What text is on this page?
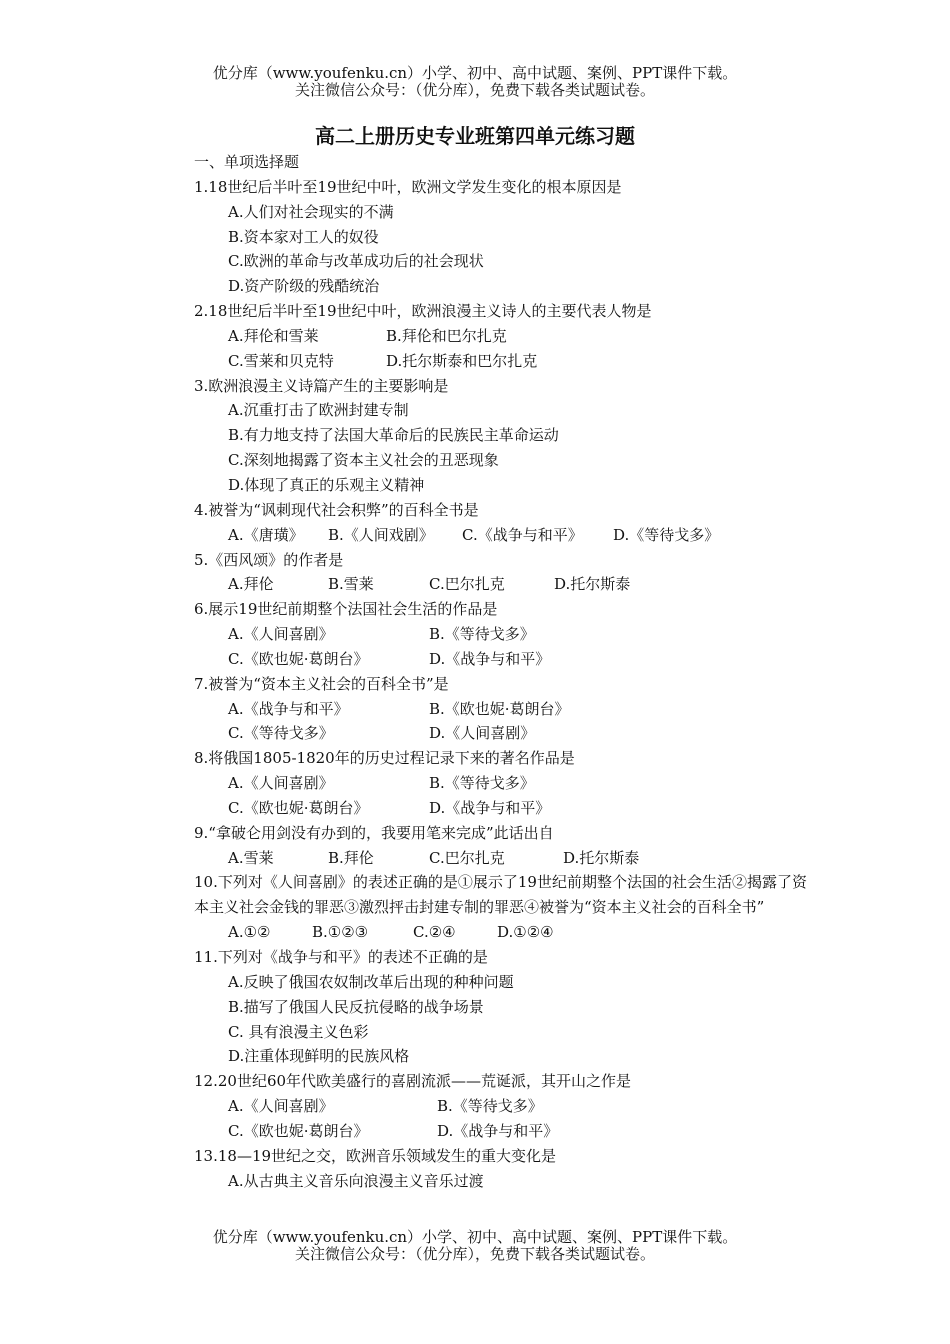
优分库（www.youfenku.cn）小学、初中、高中试题、案例、PPT课件下载。
关注微信公众号：（优分库），免费下载各类试题试卷。
高二上册历史专业班第四单元练习题
一、单项选择题
1.18世纪后半叶至19世纪中叶，欧洲文学发生变化的根本原因是
A.人们对社会现实的不满
B.资本家对工人的奴役
C.欧洲的革命与改革成功后的社会现状
D.资产阶级的残酷统治
2.18世纪后半叶至19世纪中叶，欧洲浪漫主义诗人的主要代表人物是
A.拜伦和雪莱	B.拜伦和巴尔扎克
C.雪莱和贝克特	D.托尔斯泰和巴尔扎克
3.欧洲浪漫主义诗篇产生的主要影响是
A.沉重打击了欧洲封建专制
B.有力地支持了法国大革命后的民族民主革命运动
C.深刻地揭露了资本主义社会的丑恶现象
D.体现了真正的乐观主义精神
4.被誉为“讽刺现代社会积弊”的百科全书是
A.《唐璜》 B.《人间戏剧》 C.《战争与和平》 D.《等待戈多》
5.《西风颂》的作者是
A.拜伦	B.雪莱	C.巴尔扎克	D.托尔斯泰
6.展示19世纪前期整个法国社会生活的作品是
A.《人间喜剧》	B.《等待戈多》
C.《欧也妮·葛朗台》	D.《战争与和平》
7.被誉为“资本主义社会的百科全书”是
A.《战争与和平》	B.《欧也妮·葛朗台》
C.《等待戈多》	D.《人间喜剧》
8.将俄国1805-1820年的历史过程记录下来的著名作品是
A.《人间喜剧》	B.《等待戈多》
C.《欧也妮·葛朗台》	D.《战争与和平》
9.“拿破仑用剑没有办到的，我要用笔来完成”此话出自
A.雪莱	B.拜伦	C.巴尔扎克	D.托尔斯泰
10.下列对《人间喜剧》的表述正确的是①展示了19世纪前期整个法国的社会生活②揭露了资本主义社会金钱的罪恶③激烈抨击封建专制的罪恶④被誉为“资本主义社会的百科全书”
A.①②	B.①②③	C.②④	D.①②④
11.下列对《战争与和平》的表述不正确的是
A.反映了俄国农奴制改革后出现的种种问题
B.描写了俄国人民反抗侵略的战争场景
C. 具有浪漫主义色彩
D.注重体现鲜明的民族风格
12.20世纪60年代欧美盛行的喜剧流派——荒诞派，其开山之作是
A.《人间喜剧》	B.《等待戈多》
C.《欧也妮·葛朗台》	D.《战争与和平》
13.18—19世纪之交，欧洲音乐领域发生的重大变化是
A.从古典主义音乐向浪漫主义音乐过渡
优分库（www.youfenku.cn）小学、初中、高中试题、案例、PPT课件下载。
关注微信公众号：（优分库），免费下载各类试题试卷。
